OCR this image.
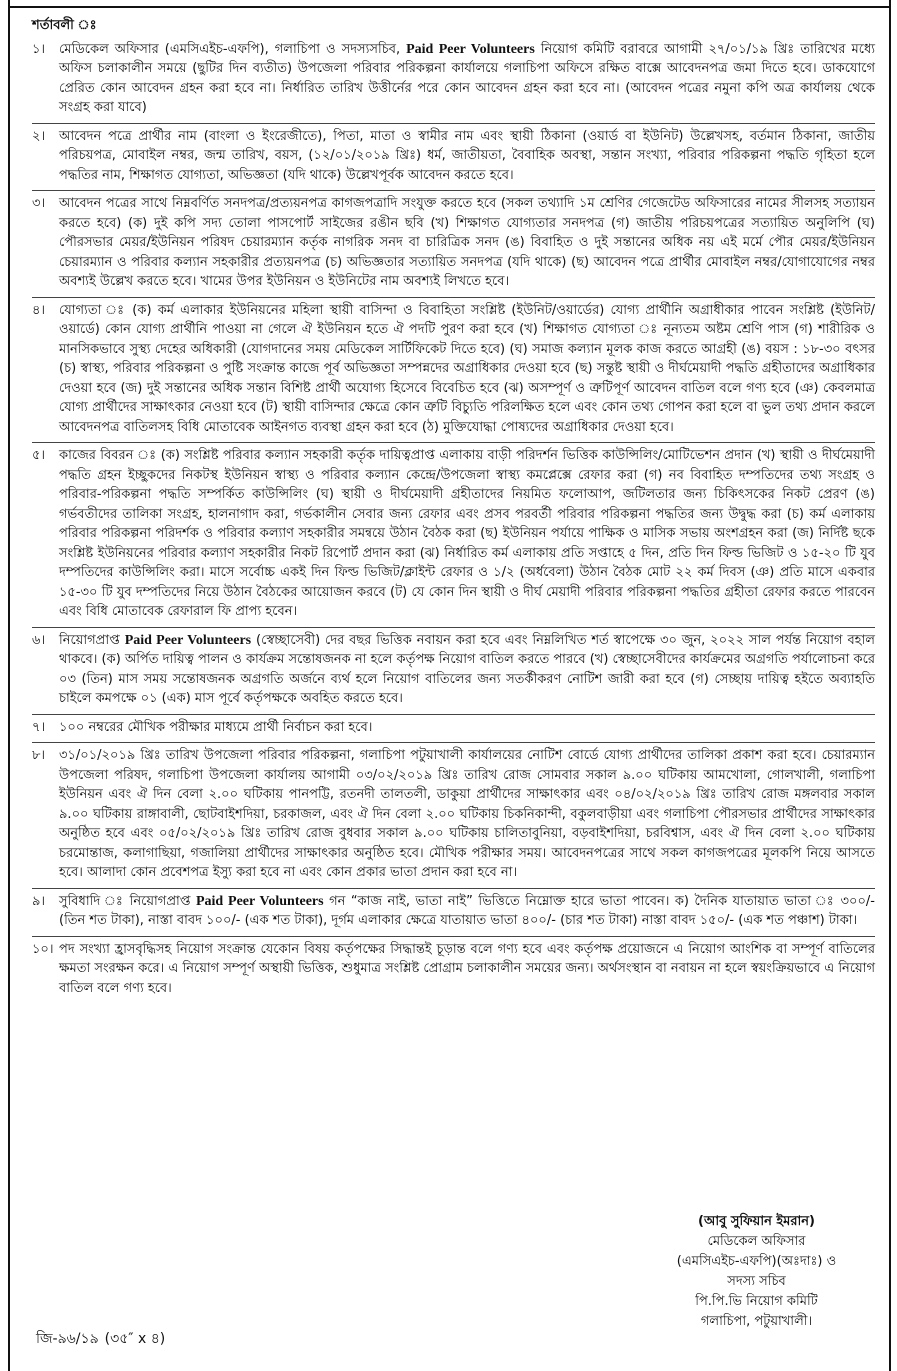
শর্তাবলী ঃ
১।	মেডিকেল অফিসার (এমসিএইচ-এফপি), গলাচিপা ও সদস্যসচিব, Paid Peer Volunteers নিয়োগ কমিটি বরাবরে আগামী ২৭/০১/১৯ খ্রিঃ তারিখের মধ্যে অফিস চলাকালীন সময়ে (ছুটির দিন ব্যতীত) উপজেলা পরিবার পরিকল্পনা কার্যালয়ে গলাচিপা অফিসে রক্ষিত বাক্সে আবেদনপত্র জমা দিতে হবে। ডাকযোগে প্রেরিত কোন আবেদন গ্রহন করা হবে না। নির্ধারিত তারিখ উত্তীর্নের পরে কোন আবেদন গ্রহন করা হবে না। (আবেদন পত্রের নমুনা কপি অত্র কার্যালয় থেকে সংগ্রহ করা যাবে)
২।	আবেদন পত্রে প্রার্থীর নাম (বাংলা ও ইংরেজীতে), পিতা, মাতা ও স্বামীর নাম এবং স্থায়ী ঠিকানা (ওয়ার্ড বা ইউনিট) উল্লেখসহ, বর্তমান ঠিকানা, জাতীয় পরিচয়পত্র, মোবাইল নম্বর, জন্ম তারিখ, বয়স, (১২/০১/২০১৯ খ্রিঃ) ধর্ম, জাতীয়তা, বৈবাহিক অবস্থা, সন্তান সংখ্যা, পরিবার পরিকল্পনা পদ্ধতি গৃহিতা হলে পদ্ধতির নাম, শিক্ষাগত যোগ্যতা, অভিজ্ঞতা (যদি থাকে) উল্লেখপূর্বক আবেদন করতে হবে।
৩।	আবেদন পত্রের সাথে নিম্নবর্ণিত সনদপত্র/প্রত্যয়নপত্র কাগজপত্রাদি সংযুক্ত করতে হবে (সকল তথ্যাদি ১ম শ্রেণির গেজেটেড অফিসারের নামের সীলসহ সত্যায়ন করতে হবে) (ক) দুই কপি সদ্য তোলা পাসপোর্ট সাইজের রঙীন ছবি (খ) শিক্ষাগত যোগ্যতার সনদপত্র (গ) জাতীয় পরিচয়পত্রের সত্যায়িত অনুলিপি (ঘ) পৌরসভার মেয়র/ইউনিয়ন পরিষদ চেয়ারম্যান কর্তৃক নাগরিক সনদ বা চারিত্রিক সনদ (ঙ) বিবাহিত ও দুই সন্তানের অধিক নয় এই মর্মে পৌর মেয়র/ইউনিয়ন চেয়ারম্যান ও পরিবার কল্যান সহকারীর প্রত্যয়নপত্র (চ) অভিজ্ঞতার সত্যায়িত সনদপত্র (যদি থাকে) (ছ) আবেদন পত্রে প্রার্থীর মোবাইল নম্বর/যোগাযোগের নম্বর অবশ্যই উল্লেখ করতে হবে। খামের উপর ইউনিয়ন ও ইউনিটের নাম অবশ্যই লিখতে হবে।
৪।	যোগ্যতা ঃ (ক) কর্ম এলাকার ইউনিয়নের মহিলা স্থায়ী বাসিন্দা ও বিবাহিতা সংশ্লিষ্ট (ইউনিট/ওয়ার্ডের) যোগ্য প্রার্থীনি অগ্রাধীকার পাবেন সংশ্লিষ্ট (ইউনিট/ওয়ার্ডে) কোন যোগ্য প্রার্থীনি পাওয়া না গেলে ঐ ইউনিয়ন হতে ঐ পদটি পুরণ করা হবে (খ) শিক্ষাগত যোগ্যতা ঃ নূন্যতম অষ্টম শ্রেণি পাস (গ) শারীরিক ও মানসিকভাবে সুস্থ্য দেহের অধিকারী (যোগদানের সময় মেডিকেল সার্টিফিকেট দিতে হবে) (ঘ) সমাজ কল্যান মূলক কাজ করতে আগ্রহী (ঙ) বয়স : ১৮-৩০ বৎসর (চ) স্বাস্থ্য, পরিবার পরিকল্পনা ও পুষ্টি সংক্রান্ত কাজে পূর্ব অভিজ্ঞতা সম্পন্নদের অগ্রাধিকার দেওয়া হবে (ছ) সন্তুষ্ট স্থায়ী ও দীর্ঘমেয়াদী পদ্ধতি গ্রহীতাদের অগ্রাধিকার দেওয়া হবে (জ) দুই সন্তানের অধিক সন্তান বিশিষ্ট প্রার্থী অযোগ্য হিসেবে বিবেচিত হবে (ঝ) অসম্পূর্ণ ও ত্রুটিপূর্ণ আবেদন বাতিল বলে গণ্য হবে (ঞ) কেবলমাত্র যোগ্য প্রার্থীদের সাক্ষাৎকার নেওয়া হবে (ট) স্থায়ী বাসিন্দার ক্ষেত্রে কোন ত্রুটি বিচ্যুতি পরিলক্ষিত হলে এবং কোন তথ্য গোপন করা হলে বা ভুল তথ্য প্রদান করলে আবেদনপত্র বাতিলসহ বিধি মোতাবেক আইনগত ব্যবস্থা গ্রহন করা হবে (ঠ) মুক্তিযোদ্ধা পোষ্যদের অগ্রাধিকার দেওয়া হবে।
৫।	কাজের বিবরন ঃ (ক) সংশ্লিষ্ট পরিবার কল্যান সহকারী কর্তৃক দায়িত্বপ্রাপ্ত এলাকায় বাড়ী পরিদর্শন ভিত্তিক কাউন্সিলিং/মোটিভেশন প্রদান (খ) স্থায়ী ও দীর্ঘমেয়াদী পদ্ধতি গ্রহন ইচ্ছুকদের নিকটস্থ ইউনিয়ন স্বাস্থ্য ও পরিবার কল্যান কেন্দ্রে/উপজেলা স্বাস্থ্য কমপ্লেক্সে রেফার করা (গ) নব বিবাহিত দম্পতিদের তথ্য সংগ্রহ ও পরিবার-পরিকল্পনা পদ্ধতি সম্পর্কিত কাউন্সিলিং (ঘ) স্থায়ী ও দীর্ঘমেয়াদী গ্রহীতাদের নিয়মিত ফলোআপ, জটিলতার জন্য চিকিৎসকের নিকট প্রেরণ (ঙ) গর্ভবতীদের তালিকা সংগ্রহ, হালনাগাদ করা, গর্ভকালীন সেবার জন্য রেফার এবং প্রসব পরবর্তী পরিবার পরিকল্পনা পদ্ধতির জন্য উদ্বুদ্ধ করা (চ) কর্ম এলাকায় পরিবার পরিকল্পনা পরিদর্শক ও পরিবার কল্যাণ সহকারীর সমন্বয়ে উঠান বৈঠক করা (ছ) ইউনিয়ন পর্যায়ে পাক্ষিক ও মাসিক সভায় অংশগ্রহন করা (জ) নির্দিষ্ট ছকে সংশ্লিষ্ট ইউনিয়নের পরিবার কল্যাণ সহকারীর নিকট রিপোর্ট প্রদান করা (ঝ) নির্ধারিত কর্ম এলাকায় প্রতি সপ্তাহে ৫ দিন, প্রতি দিন ফিল্ড ভিজিট ও ১৫-২০ টি যুব দম্পতিদের কাউন্সিলিং করা। মাসে সর্বোচ্চ একই দিন ফিল্ড ভিজিট/ক্লাইন্ট রেফার ও ১/২ (অর্ধবেলা) উঠান বৈঠক মোট ২২ কর্ম দিবস (ঞ) প্রতি মাসে একবার ১৫-৩০ টি যুব দম্পতিদের নিয়ে উঠান বৈঠকের আয়োজন করবে (ট) যে কোন দিন স্থায়ী ও দীর্ঘ মেয়াদী পরিবার পরিকল্পনা পদ্ধতির গ্রহীতা রেফার করতে পারবেন এবং বিধি মোতাবেক রেফারাল ফি প্রাপ্য হবেন।
৬।	নিয়োগপ্রাপ্ত Paid Peer Volunteers (স্বেচ্ছাসেবী) দের বছর ভিত্তিক নবায়ন করা হবে এবং নিম্নলিখিত শর্ত স্বাপেক্ষে ৩০ জুন, ২০২২ সাল পর্যন্ত নিয়োগ বহাল থাকবে। (ক) অর্পিত দায়িত্ব পালন ও কার্যক্রম সন্তোষজনক না হলে কর্তৃপক্ষ নিয়োগ বাতিল করতে পারবে (খ) স্বেচ্ছাসেবীদের কার্যক্রমের অগ্রগতি পর্যালোচনা করে ০৩ (তিন) মাস সময় সন্তোষজনক অগ্রগতি অর্জনে ব্যর্থ হলে নিয়োগ বাতিলের জন্য সতর্কীকরণ নোটিশ জারী করা হবে (গ) সেচ্ছায় দায়িত্ব হইতে অব্যাহতি চাইলে কমপক্ষে ০১ (এক) মাস পূর্বে কর্তৃপক্ষকে অবহিত করতে হবে।
৭।	১০০ নম্বরের মৌখিক পরীক্ষার মাধ্যমে প্রার্থী নির্বাচন করা হবে।
৮।	৩১/০১/২০১৯ খ্রিঃ তারিখ উপজেলা পরিবার পরিকল্পনা, গলাচিপা পটুয়াখালী কার্যালয়ের নোটিশ বোর্ডে যোগ্য প্রার্থীদের তালিকা প্রকাশ করা হবে। চেয়ারম্যান উপজেলা পরিষদ, গলাচিপা উপজেলা কার্যালয় আগামী ০৩/০২/২০১৯ খ্রিঃ তারিখ রোজ সোমবার সকাল ৯.০০ ঘটিকায় আমখোলা, গোলখালী, গলাচিপা ইউনিয়ন এবং ঐ দিন বেলা ২.০০ ঘটিকায় পানপট্টি, রতনদী তালতলী, ডাকুয়া প্রার্থীদের সাক্ষাৎকার এবং ০৪/০২/২০১৯ খ্রিঃ তারিখ রোজ মঙ্গলবার সকাল ৯.০০ ঘটিকায় রাঙ্গাবালী, ছোটবাইশদিয়া, চরকাজল, এবং ঐ দিন বেলা ২.০০ ঘটিকায় চিকনিকান্দী, বকুলবাড়ীয়া এবং গলাচিপা পৌরসভার প্রার্থীদের সাক্ষাৎকার অনুষ্ঠিত হবে এবং ০৫/০২/২০১৯ খ্রিঃ তারিখ রোজ বুধবার সকাল ৯.০০ ঘটিকায় চালিতাবুনিয়া, বড়বাইশদিয়া, চরবিশ্বাস, এবং ঐ দিন বেলা ২.০০ ঘটিকায় চরমোন্তাজ, কলাগাছিয়া, গজালিয়া প্রার্থীদের সাক্ষাৎকার অনুষ্ঠিত হবে। মৌখিক পরীক্ষার সময়। আবেদনপত্রের সাথে সকল কাগজপত্রের মূলকপি নিয়ে আসতে হবে। আলাদা কোন প্রবেশপত্র ইস্যু করা হবে না এবং কোন প্রকার ভাতা প্রদান করা হবে না।
৯।	সুবিধাদি ঃ নিয়োগপ্রাপ্ত Paid Peer Volunteers গন “কাজ নাই, ভাতা নাই” ভিত্তিতে নিম্নোক্ত হারে ভাতা পাবেন। ক) দৈনিক যাতায়াত ভাতা ঃ ৩০০/- (তিন শত টাকা), নাস্তা বাবদ ১০০/- (এক শত টাকা), দূর্গম এলাকার ক্ষেত্রে যাতায়াত ভাতা ৪০০/- (চার শত টাকা) নাস্তা বাবদ ১৫০/- (এক শত পঞ্চাশ) টাকা।
১০। পদ সংখ্যা হ্রাসবৃদ্ধিসহ নিয়োগ সংক্রান্ত যেকোন বিষয় কর্তৃপক্ষের সিদ্ধান্তই চূড়ান্ত বলে গণ্য হবে এবং কর্তৃপক্ষ প্রয়োজনে এ নিয়োগ আংশিক বা সম্পূর্ণ বাতিলের ক্ষমতা সংরক্ষন করে। এ নিয়োগ সম্পূর্ণ অস্থায়ী ভিত্তিক, শুধুমাত্র সংশ্লিষ্ট প্রোগ্রাম চলাকালীন সময়ের জন্য। অর্থসংস্থান বা নবায়ন না হলে স্বয়ংক্রিয়ভাবে এ নিয়োগ বাতিল বলে গণ্য হবে।
(আবু সুফিয়ান ইমরান)
মেডিকেল অফিসার
(এমসিএইচ-এফপি)(অঃদাঃ) ও
সদস্য সচিব
পি.পি.ভি নিয়োগ কমিটি
গলাচিপা, পটুয়াখালী।
জি-৯৬/১৯ (৩৫″ x ৪)
